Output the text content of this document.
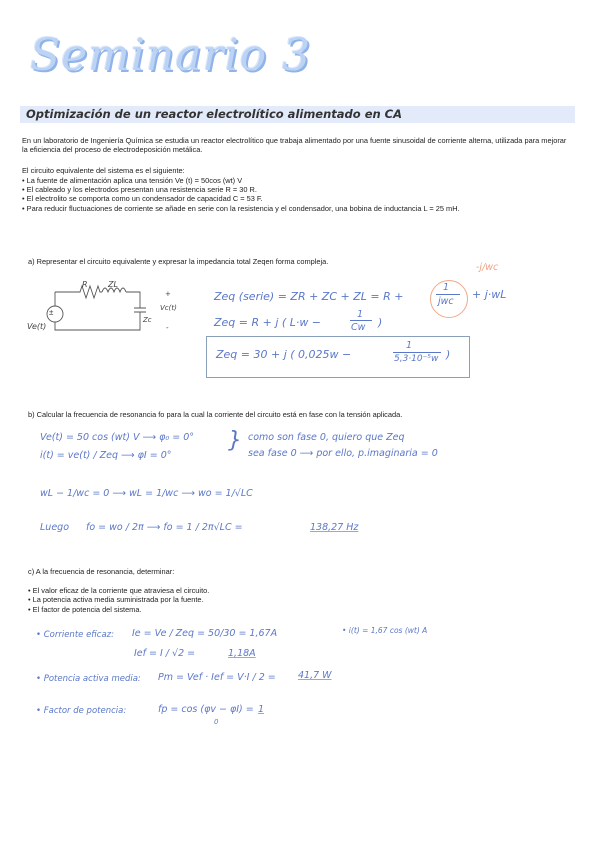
Seminario 3
Optimización de un reactor electrolítico alimentado en CA
En un laboratorio de Ingeniería Química se estudia un reactor electrolítico que trabaja alimentado por una fuente sinusoidal de corriente alterna, utilizada para mejorar la eficiencia del proceso de electrodeposición metálica.
El circuito equivalente del sistema es el siguiente:
• La fuente de alimentación aplica una tensión Ve (t) = 50cos (wt) V
• El cableado y los electrodos presentan una resistencia serie R = 30 R.
• El electrolito se comporta como un condensador de capacidad C = 53 F.
• Para reducir fluctuaciones de corriente se añade en serie con la resistencia y el condensador, una bobina de inductancia L = 25 mH.
a) Representar el circuito equivalente y expresar la impedancia total Zeqen forma compleja.
±
R	ZL
Ve(t)
Vc(t)
Zc
+
-
Zeq (serie) = ZR + ZC + ZL = R +
1
jwc
+ j·wL
-j/wc
Zeq = R + j ( L·w −
1
Cw )
Zeq = 30 + j ( 0,025w −
1
5,3·10⁻⁵w )
b) Calcular la frecuencia de resonancia fo para la cual la corriente del circuito está en fase con la tensión aplicada.
Ve(t) = 50 cos (wt) V ⟶ φ₀ = 0°
i(t) = ve(t) / Zeq ⟶ φI = 0°
} como son fase 0, quiero que Zeq
sea fase 0 ⟶ por ello, p.imaginaria = 0
wL − 1/wc = 0 ⟶ wL = 1/wc ⟶ wo = 1/√LC
Luego fo = wo / 2π ⟶ fo = 1 / 2π√LC =	138,27 Hz
c) A la frecuencia de resonancia, determinar:
• El valor eficaz de la corriente que atraviesa el circuito.
• La potencia activa media suministrada por la fuente.
• El factor de potencia del sistema.
• Corriente eficaz: Ie = Ve / Zeq = 50/30 = 1,67A	• i(t) = 1,67 cos (wt) A
Ief = I / √2 =	1,18A
• Potencia activa media: Pm = Vef · Ief = V·I / 2 = 41,7 W
• Factor de potencia:	fp = cos (φv − φI) = 1
0
